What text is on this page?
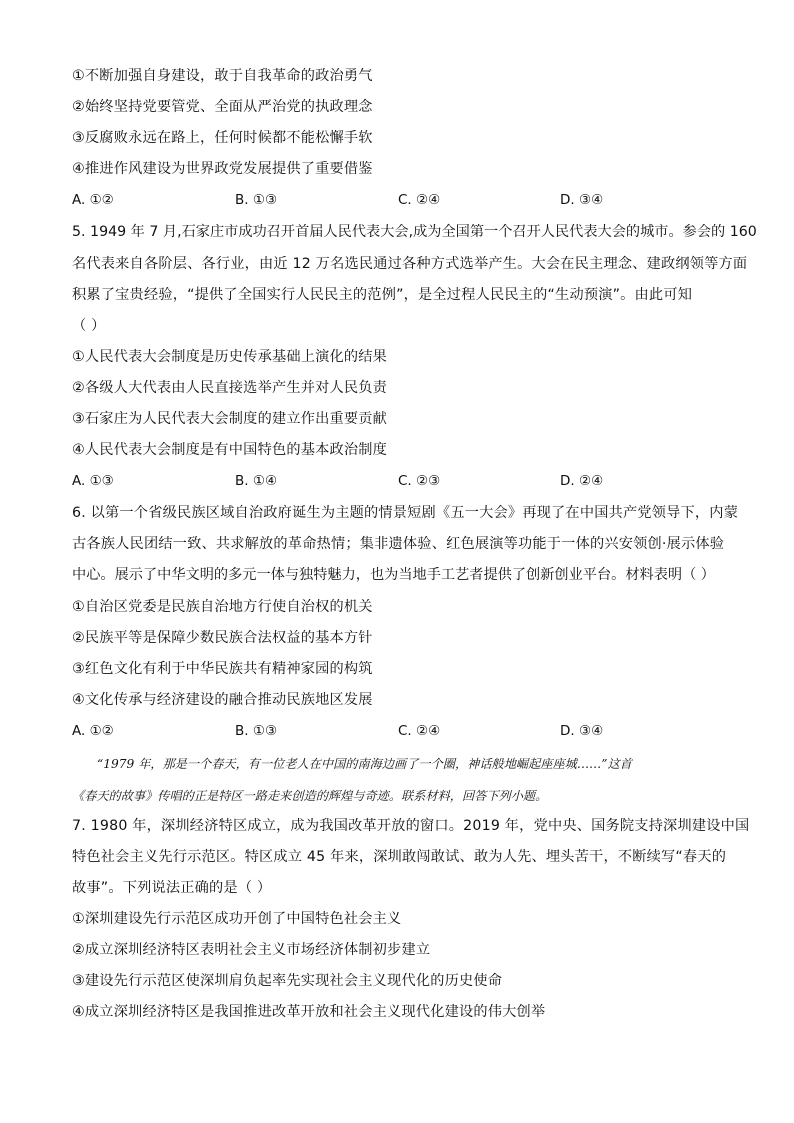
①不断加强自身建设，敢于自我革命的政治勇气
②始终坚持党要管党、全面从严治党的执政理念
③反腐败永远在路上，任何时候都不能松懈手软
④推进作风建设为世界政党发展提供了重要借鉴
A. ①②	B. ①③	C. ②④	D. ③④
5. 1949 年 7 月,石家庄市成功召开首届人民代表大会,成为全国第一个召开人民代表大会的城市。参会的 160
名代表来自各阶层、各行业，由近 12 万名选民通过各种方式选举产生。大会在民主理念、建政纲领等方面
积累了宝贵经验，“提供了全国实行人民民主的范例”，是全过程人民民主的“生动预演”。由此可知
（ ）
①人民代表大会制度是历史传承基础上演化的结果
②各级人大代表由人民直接选举产生并对人民负责
③石家庄为人民代表大会制度的建立作出重要贡献
④人民代表大会制度是有中国特色的基本政治制度
A. ①③	B. ①④	C. ②③	D. ②④
6. 以第一个省级民族区域自治政府诞生为主题的情景短剧《五一大会》再现了在中国共产党领导下，内蒙
古各族人民团结一致、共求解放的革命热情；集非遗体验、红色展演等功能于一体的兴安领创·展示体验
中心。展示了中华文明的多元一体与独特魅力，也为当地手工艺者提供了创新创业平台。材料表明（ ）
①自治区党委是民族自治地方行使自治权的机关
②民族平等是保障少数民族合法权益的基本方针
③红色文化有利于中华民族共有精神家园的构筑
④文化传承与经济建设的融合推动民族地区发展
A. ①②	B. ①③	C. ②④	D. ③④
“1979 年，那是一个春天，有一位老人在中国的南海边画了一个圈，神话般地崛起座座城……”这首
《春天的故事》传唱的正是特区一路走来创造的辉煌与奇迹。联系材料，回答下列小题。
7. 1980 年，深圳经济特区成立，成为我国改革开放的窗口。2019 年，党中央、国务院支持深圳建设中国
特色社会主义先行示范区。特区成立 45 年来，深圳敢闯敢试、敢为人先、埋头苦干，不断续写“春天的
故事”。下列说法正确的是（ ）
①深圳建设先行示范区成功开创了中国特色社会主义
②成立深圳经济特区表明社会主义市场经济体制初步建立
③建设先行示范区使深圳肩负起率先实现社会主义现代化的历史使命
④成立深圳经济特区是我国推进改革开放和社会主义现代化建设的伟大创举
